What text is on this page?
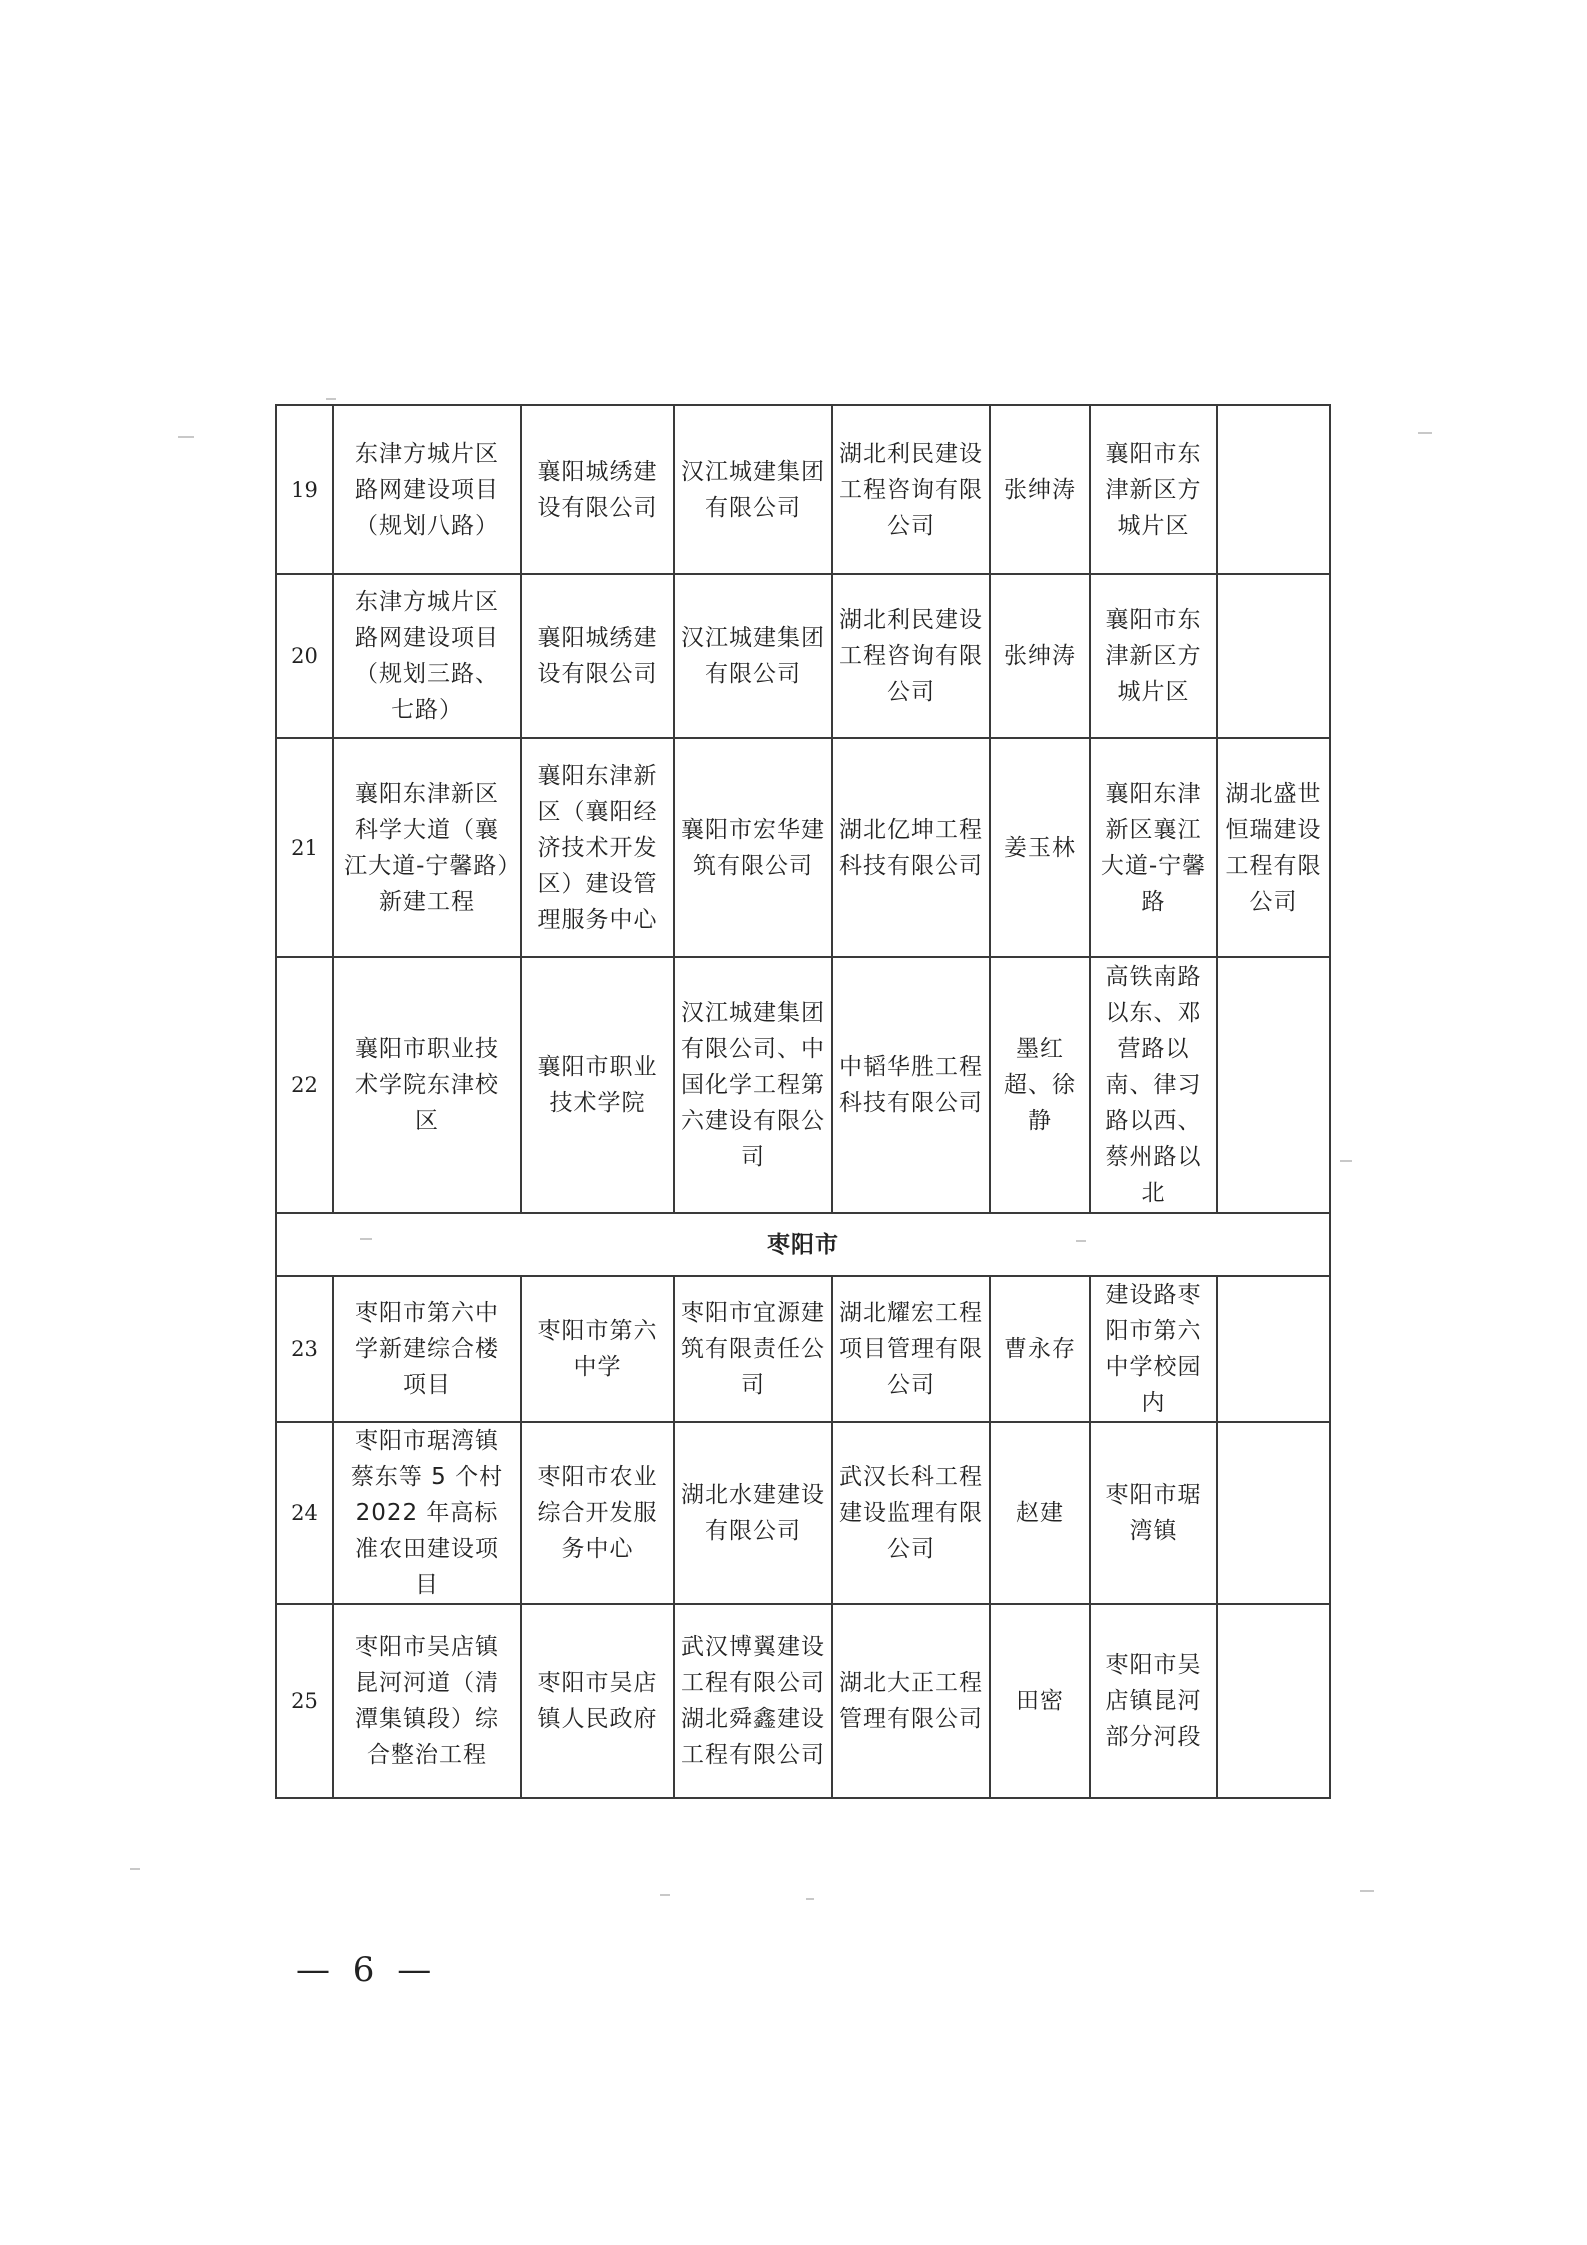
19	东津方城片区路网建设项目（规划八路）	襄阳城绣建设有限公司	汉江城建集团有限公司	湖北利民建设工程咨询有限公司	张绅涛	襄阳市东津新区方城片区	
20	东津方城片区路网建设项目（规划三路、七路）	襄阳城绣建设有限公司	汉江城建集团有限公司	湖北利民建设工程咨询有限公司	张绅涛	襄阳市东津新区方城片区	
21	襄阳东津新区科学大道（襄江大道-宁馨路）新建工程	襄阳东津新区（襄阳经济技术开发区）建设管理服务中心	襄阳市宏华建筑有限公司	湖北亿坤工程科技有限公司	姜玉林	襄阳东津新区襄江大道-宁馨路	湖北盛世恒瑞建设工程有限公司
22	襄阳市职业技术学院东津校区	襄阳市职业技术学院	汉江城建集团有限公司、中国化学工程第六建设有限公司	中韬华胜工程科技有限公司	墨红超、徐静	高铁南路以东、邓营路以南、律习路以西、蔡州路以北	
枣阳市							
23	枣阳市第六中学新建综合楼项目	枣阳市第六中学	枣阳市宜源建筑有限责任公司	湖北耀宏工程项目管理有限公司	曹永存	建设路枣阳市第六中学校园内	
24	枣阳市琚湾镇蔡东等 5 个村 2022 年高标准农田建设项目	枣阳市农业综合开发服务中心	湖北水建建设有限公司	武汉长科工程建设监理有限公司	赵建	枣阳市琚湾镇	
25	枣阳市吴店镇昆河河道（清潭集镇段）综合整治工程	枣阳市吴店镇人民政府	武汉博翼建设工程有限公司 湖北舜鑫建设工程有限公司	湖北大正工程管理有限公司	田密	枣阳市吴店镇昆河部分河段	
— 6 —
